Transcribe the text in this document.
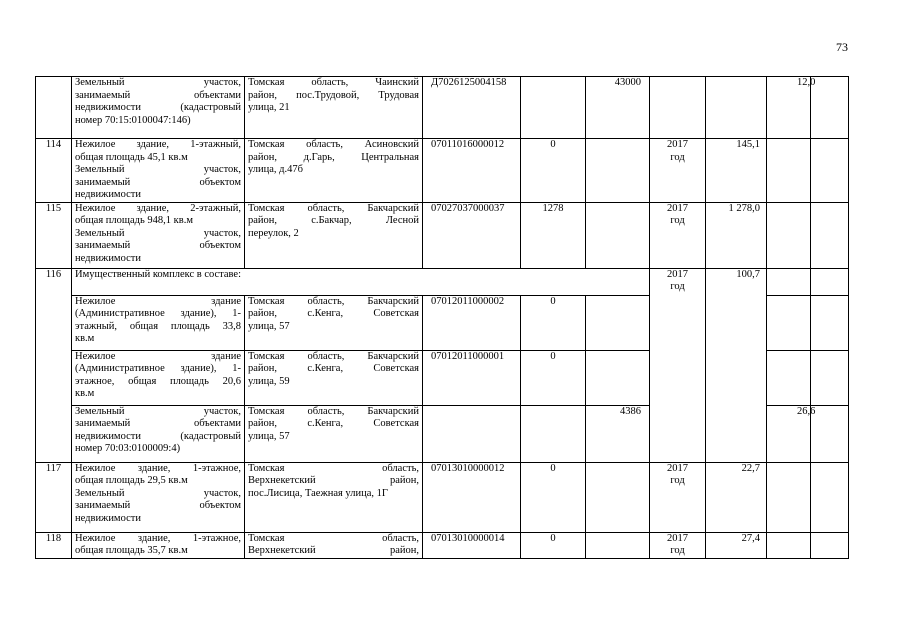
73

	Земельный участок,
занимаемый объектами
недвижимости (кадастровый
номер 70:15:0100047:146)	Томская область, Чаинский
район, пос.Трудовой, Трудовая
улица, 21	Д70261250041​58		43000			12,0	
114	Нежилое здание, 1-этажный,
общая площадь 45,1 кв.м
Земельный участок,
занимаемый объектом
недвижимости	Томская область, Асиновский
район, д.Гарь, Центральная
улица, д.47б	07011016000012	0		2017
год	145,1		
115	Нежилое здание, 2-этажный,
общая площадь 948,1 кв.м
Земельный участок,
занимаемый объектом
недвижимости	Томская область, Бакчарский
район, с.Бакчар, Лесной
переулок, 2	07027037000037	1278		2017
год	1 278,0		
116	Имущественный комплекс в составе:					2017
год	100,7		

	Нежилое здание
(Административное здание), 1-
этажный, общая площадь 33,8
кв.м	Томская область, Бакчарский
район, с.Кенга, Советская
улица, 57	07012011000002	0					

	Нежилое здание
(Административное здание), 1-
этажное, общая площадь 20,6
кв.м	Томская область, Бакчарский
район, с.Кенга, Советская
улица, 59	07012011000001	0					

	Земельный участок,
занимаемый объектами
недвижимости (кадастровый
номер 70:03:0100009:4)	Томская область, Бакчарский
район, с.Кенга, Советская
улица, 57			4386			26,6	
117	Нежилое здание, 1-этажное,
общая площадь 29,5 кв.м
Земельный участок,
занимаемый объектом
недвижимости	Томская область,
Верхнекетский район,
пос.Лисица, Таежная улица, 1Г	07013010000012	0		2017
год	22,7		
118	Нежилое здание, 1-этажное,
общая площадь 35,7 кв.м	Томская область,
Верхнекетский район,	07013010000014	0		2017
год	27,4		
